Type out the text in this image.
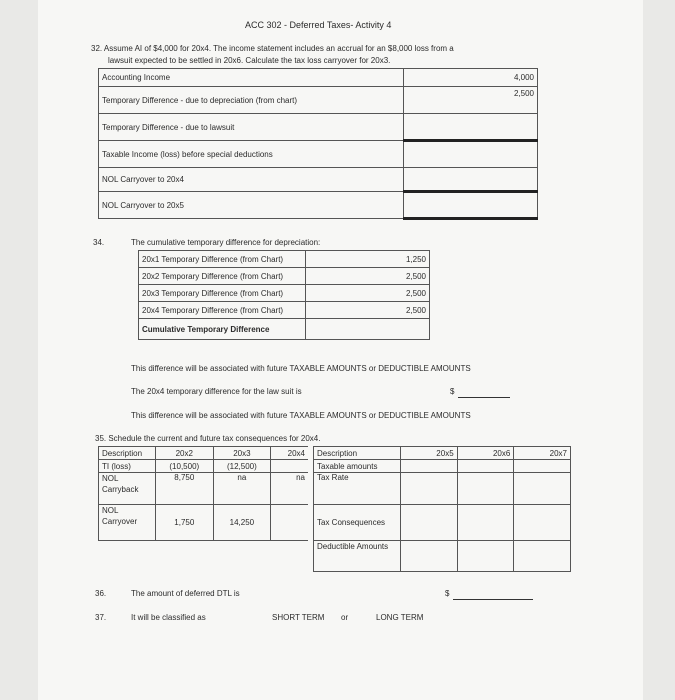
ACC 302 - Deferred Taxes- Activity 4
32. Assume AI of $4,000 for 20x4. The income statement includes an accrual for an $8,000 loss from a
lawsuit expected to be settled in 20x6. Calculate the tax loss carryover for 20x3.
Accounting Income	4,000
Temporary Difference - due to depreciation (from chart)	2,500
Temporary Difference - due to lawsuit	
Taxable Income (loss) before special deductions	
NOL Carryover to 20x4	
NOL Carryover to 20x5	
34.	The cumulative temporary difference for depreciation:
20x1 Temporary Difference (from Chart)	1,250
20x2 Temporary Difference (from Chart)	2,500
20x3 Temporary Difference (from Chart)	2,500
20x4 Temporary Difference (from Chart)	2,500
Cumulative Temporary Difference	
This difference will be associated with future TAXABLE AMOUNTS or DEDUCTIBLE AMOUNTS
The 20x4 temporary difference for the law suit is	$
This difference will be associated with future TAXABLE AMOUNTS or DEDUCTIBLE AMOUNTS
35. Schedule the current and future tax consequences for 20x4.
Description	20x2	20x3	20x4
TI (loss)	(10,500)	(12,500)	
NOL Carryback	8,750	na	na
NOL Carryover	1,750	14,250	
Description	20x5	20x6	20x7
Taxable amounts			
Tax Rate			
Tax Consequences			
Deductible Amounts			
36.	The amount of deferred DTL is	$
37.	It will be classified as	SHORT TERM or	LONG TERM
